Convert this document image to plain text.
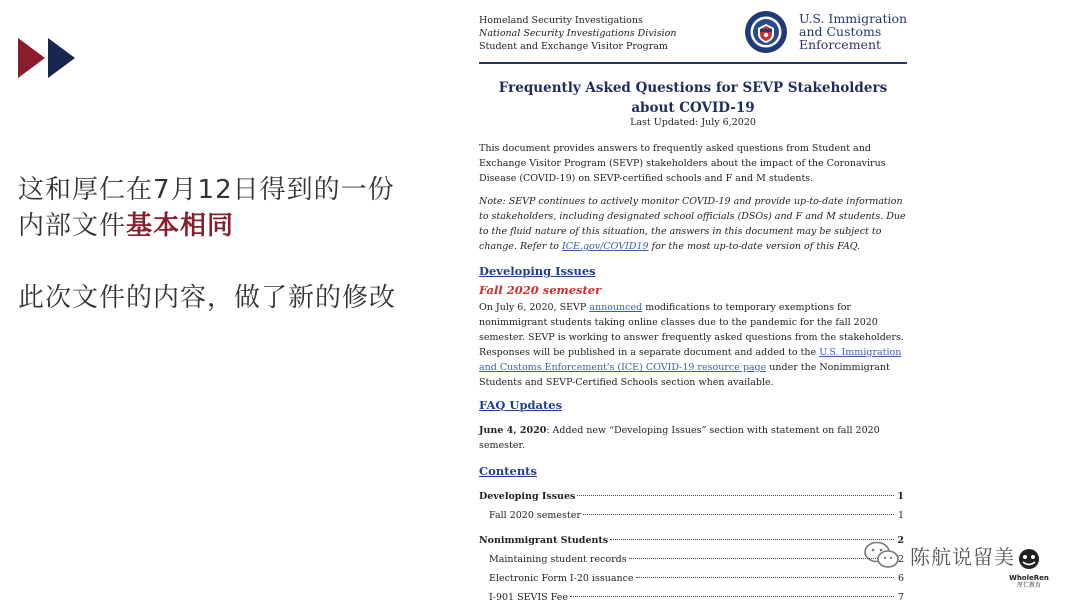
这和厚仁在7月12日得到的一份
内部文件基本相同
此次文件的内容，做了新的修改
Homeland Security Investigations
National Security Investigations Division
Student and Exchange Visitor Program
U.S. Immigration
and Customs
Enforcement
Frequently Asked Questions for SEVP Stakeholders
about COVID-19
Last Updated: July 6,2020
This document provides answers to frequently asked questions from Student and Exchange Visitor Program (SEVP) stakeholders about the impact of the Coronavirus Disease (COVID-19) on SEVP-certified schools and F and M students.
Note: SEVP continues to actively monitor COVID-19 and provide up-to-date information to stakeholders, including designated school officials (DSOs) and F and M students. Due to the fluid nature of this situation, the answers in this document may be subject to change. Refer to ICE.gov/COVID19 for the most up-to-date version of this FAQ.
Developing Issues
Fall 2020 semester
On July 6, 2020, SEVP announced modifications to temporary exemptions for nonimmigrant students taking online classes due to the pandemic for the fall 2020 semester. SEVP is working to answer frequently asked questions from the stakeholders. Responses will be published in a separate document and added to the U.S. Immigration and Customs Enforcement's (ICE) COVID-19 resource page under the Nonimmigrant Students and SEVP-Certified Schools section when available.
FAQ Updates
June 4, 2020: Added new “Developing Issues” section with statement on fall 2020 semester.
Contents
Developing Issues	1
Fall 2020 semester	1
Nonimmigrant Students	2
Maintaining student records	2
Electronic Form I-20 issuance	6
I-901 SEVIS Fee	7
陈航说留美
WholeRen
厚仁教育
